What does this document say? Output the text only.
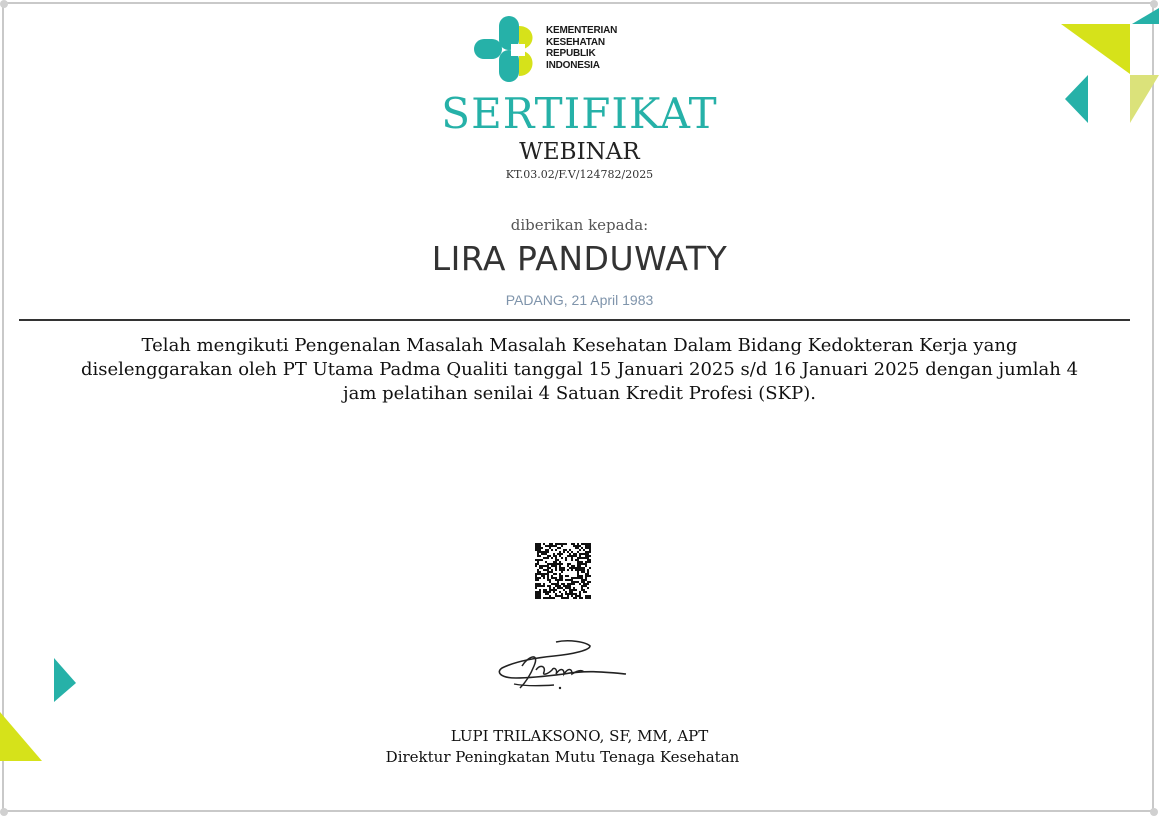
KEMENTERIAN
KESEHATAN
REPUBLIK
INDONESIA
SERTIFIKAT
WEBINAR
KT.03.02/F.V/124782/2025
diberikan kepada:
LIRA PANDUWATY
PADANG, 21 April 1983
Telah mengikuti Pengenalan Masalah Masalah Kesehatan Dalam Bidang Kedokteran Kerja yang diselenggarakan oleh PT Utama Padma Qualiti tanggal 15 Januari 2025 s/d 16 Januari 2025 dengan jumlah 4 jam pelatihan senilai 4 Satuan Kredit Profesi (SKP).
LUPI TRILAKSONO, SF, MM, APT
Direktur Peningkatan Mutu Tenaga Kesehatan
